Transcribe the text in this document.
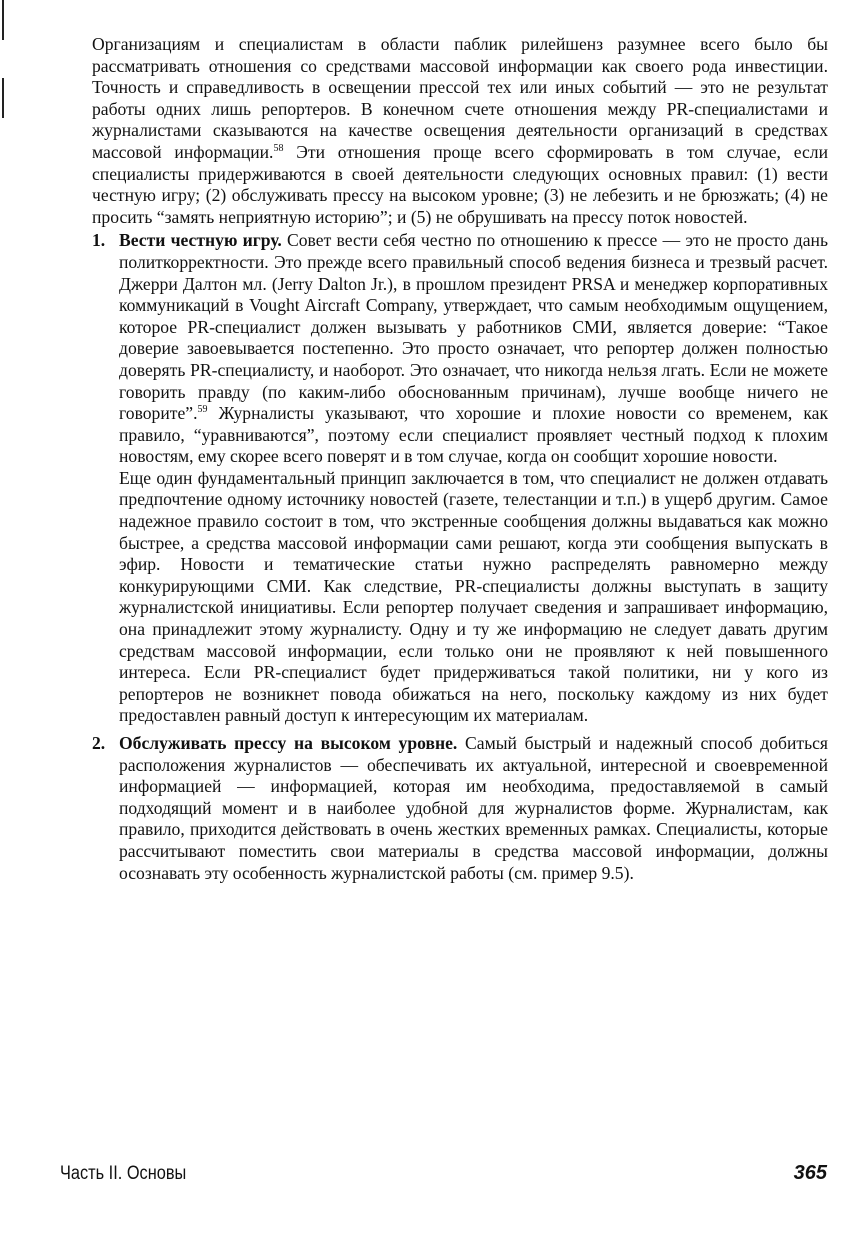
Организациям и специалистам в области паблик рилейшенз разумнее всего было бы рассматривать отношения со средствами массовой информации как своего рода инвестиции. Точность и справедливость в освещении прессой тех или иных событий — это не результат работы одних лишь репортеров. В конечном счете отношения между PR-специалистами и журналистами сказываются на качестве освещения деятельности организаций в средствах массовой информации.$^{58}$ Эти отношения проще всего сформировать в том случае, если специалисты придерживаются в своей деятельности следующих основных правил: (1) вести честную игру; (2) обслуживать прессу на высоком уровне; (3) не лебезить и не брюзжать; (4) не просить “замять неприятную историю”; и (5) не обрушивать на прессу поток новостей.

1. Вести честную игру. Совет вести себя честно по отношению к прессе — это не просто дань политкорректности. Это прежде всего правильный способ ведения бизнеса и трезвый расчет. Джерри Далтон мл. (Jerry Dalton Jr.), в прошлом президент PRSA и менеджер корпоративных коммуникаций в Vought Aircraft Company, утверждает, что самым необходимым ощущением, которое PR-специалист должен вызывать у работников СМИ, является доверие: “Такое доверие завоевывается постепенно. Это просто означает, что репортер должен полностью доверять PR-специалисту, и наоборот. Это означает, что никогда нельзя лгать. Если не можете говорить правду (по каким-либо обоснованным причинам), лучше вообще ничего не говорите”.$^{59}$ Журналисты указывают, что хорошие и плохие новости со временем, как правило, “уравниваются”, поэтому если специалист проявляет честный подход к плохим новостям, ему скорее всего поверят и в том случае, когда он сообщит хорошие новости.

Еще один фундаментальный принцип заключается в том, что специалист не должен отдавать предпочтение одному источнику новостей (газете, телестанции и т.п.) в ущерб другим. Самое надежное правило состоит в том, что экстренные сообщения должны выдаваться как можно быстрее, а средства массовой информации сами решают, когда эти сообщения выпускать в эфир. Новости и тематические статьи нужно распределять равномерно между конкурирующими СМИ. Как следствие, PR-специалисты должны выступать в защиту журналистской инициативы. Если репортер получает сведения и запрашивает информацию, она принадлежит этому журналисту. Одну и ту же информацию не следует давать другим средствам массовой информации, если только они не проявляют к ней повышенного интереса. Если PR-специалист будет придерживаться такой политики, ни у кого из репортеров не возникнет повода обижаться на него, поскольку каждому из них будет предоставлен равный доступ к интересующим их материалам.

2. Обслуживать прессу на высоком уровне. Самый быстрый и надежный способ добиться расположения журналистов — обеспечивать их актуальной, интересной и своевременной информацией — информацией, которая им необходима, предоставляемой в самый подходящий момент и в наиболее удобной для журналистов форме. Журналистам, как правило, приходится действовать в очень жестких временных рамках. Специалисты, которые рассчитывают поместить свои материалы в средства массовой информации, должны осознавать эту особенность журналистской работы (см. пример 9.5).

Часть II. Основы	365
